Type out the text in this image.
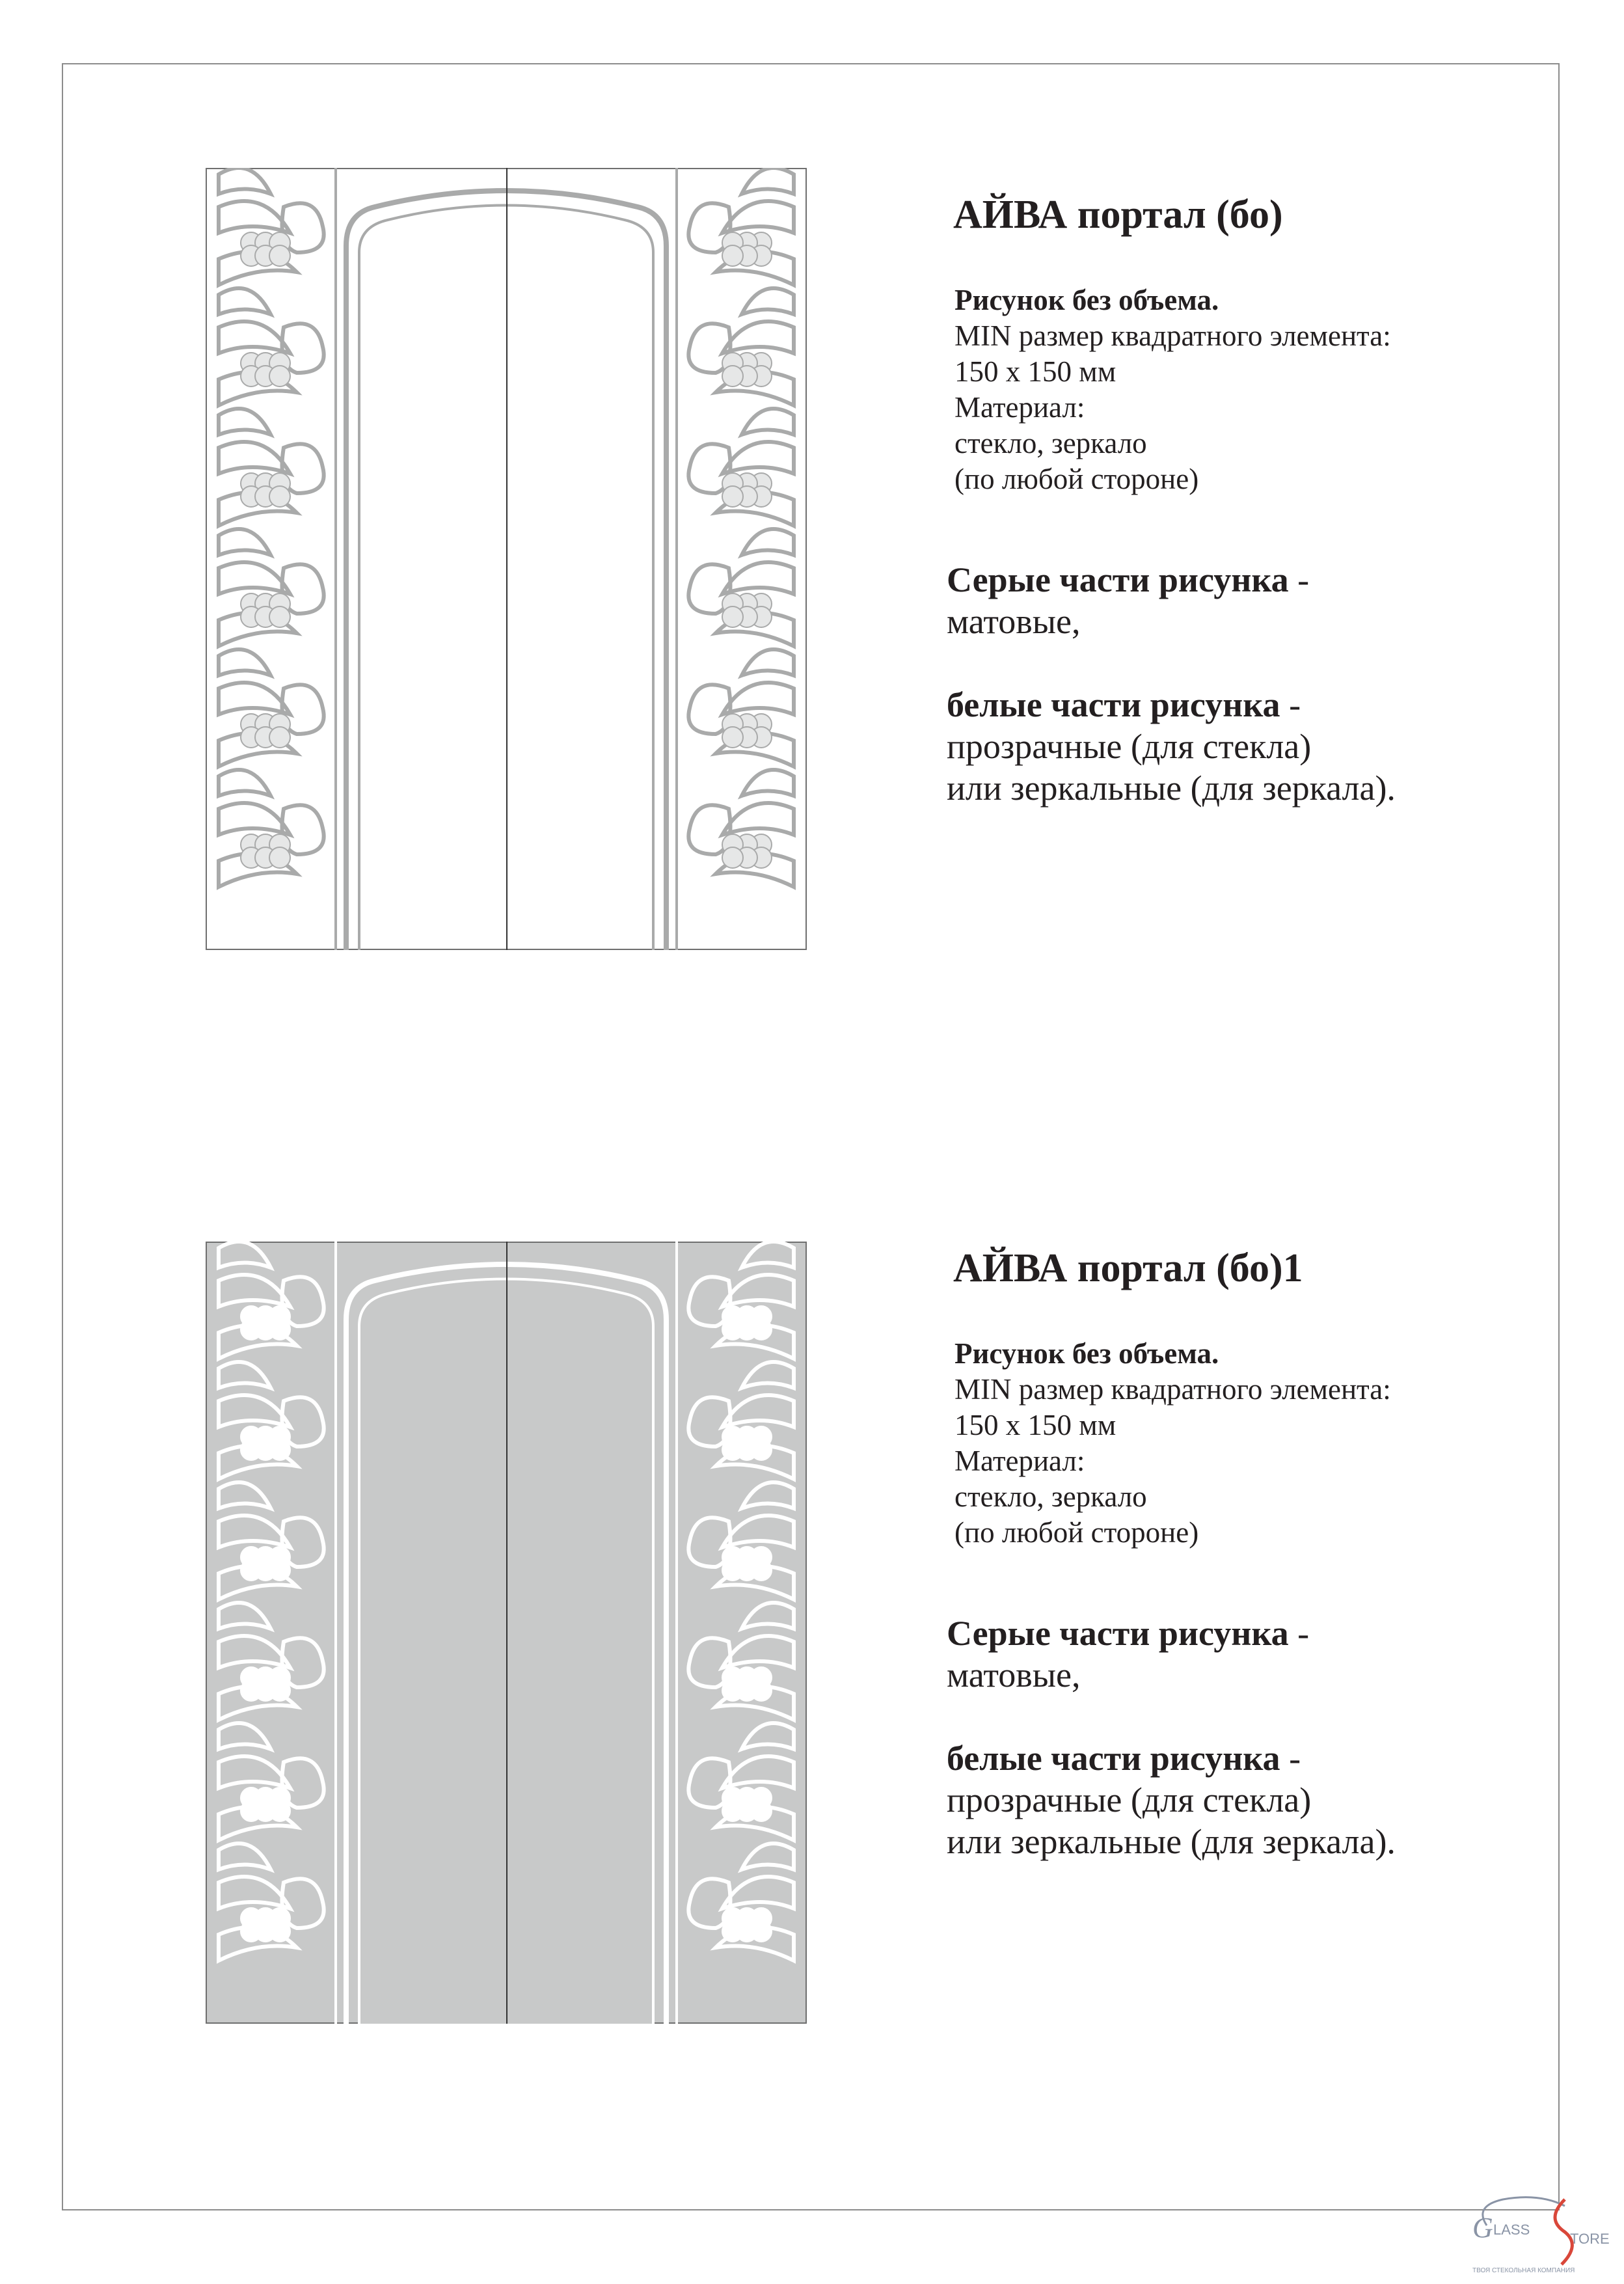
АЙВА портал (бо)
Рисунок без объема.
MIN размер квадратного элемента:
150 х 150 мм
Материал:
стекло, зеркало
(по любой стороне)
Серые части рисунка -
матовые,
белые части рисунка -
прозрачные (для стекла)
или зеркальные (для зеркала).
АЙВА портал (бо)1
Рисунок без объема.
MIN размер квадратного элемента:
150 х 150 мм
Материал:
стекло, зеркало
(по любой стороне)
Серые части рисунка -
матовые,
белые части рисунка -
прозрачные (для стекла)
или зеркальные (для зеркала).
G LASS
TORE
ТВОЯ СТЕКОЛЬНАЯ КОМПАНИЯ
